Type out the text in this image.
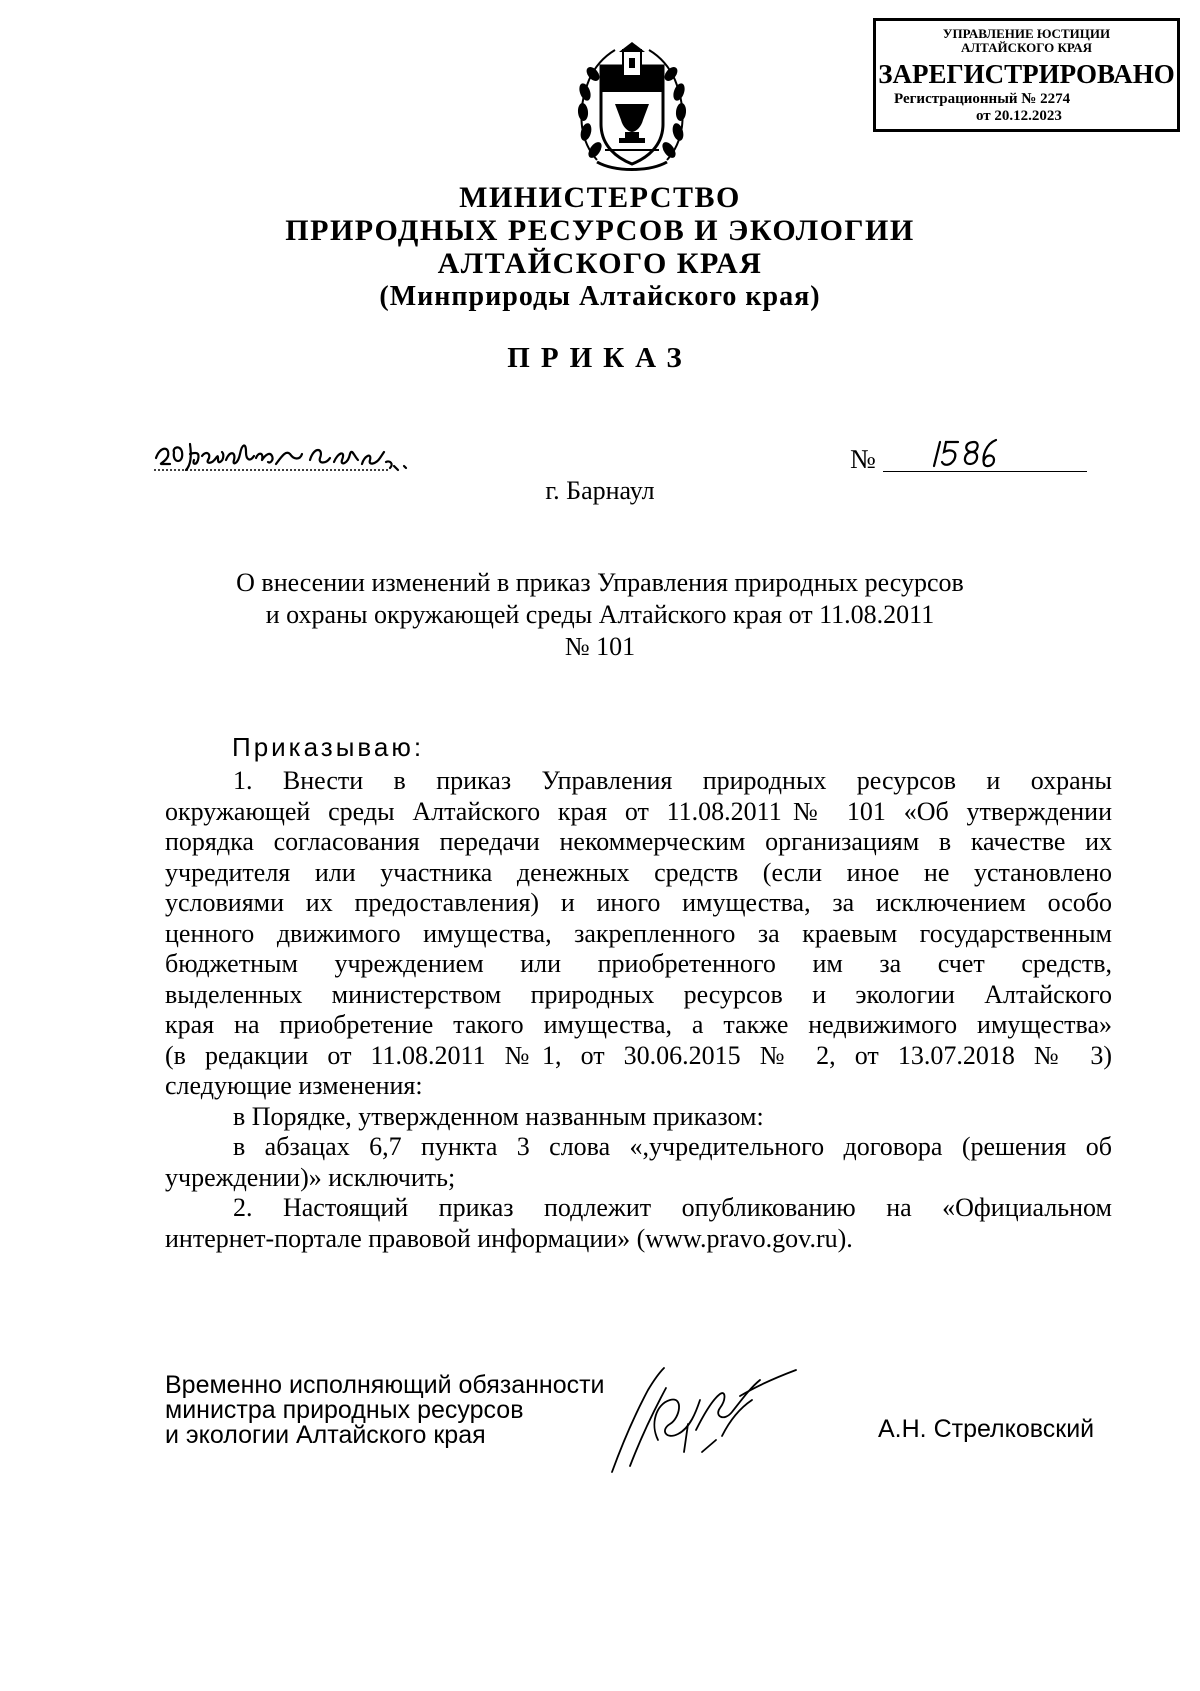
УПРАВЛЕНИЕ ЮСТИЦИИ
АЛТАЙСКОГО КРАЯ
ЗАРЕГИСТРИРОВАНО
Регистрационный № 2274
от 20.12.2023
МИНИСТЕРСТВО
ПРИРОДНЫХ РЕСУРСОВ И ЭКОЛОГИИ
АЛТАЙСКОГО КРАЯ
(Минприроды Алтайского края)
ПРИКАЗ
20 декабря 2023 г.
№
1586
г. Барнаул
О внесении изменений в приказ Управления природных ресурсов
и охраны окружающей среды Алтайского края от 11.08.2011
№ 101
Приказываю:
1. Внести в приказ Управления природных ресурсов и охраны
окружающей среды Алтайского края от 11.08.2011№ 101 «Об утверждении
порядка согласования передачи некоммерческим организациям в качестве их
учредителя или участника денежных средств (если иное не установлено
условиями их предоставления) и иного имущества, за исключением особо
ценного движимого имущества, закрепленного за краевым государственным
бюджетным учреждением или приобретенного им за счет средств,
выделенных министерством природных ресурсов и экологии Алтайского
края на приобретение такого имущества, а также недвижимого имущества»
(в редакции от 11.08.2011 №1, от 30.06.2015 № 2, от 13.07.2018 № 3)
следующие изменения:
в Порядке, утвержденном названным приказом:
в абзацах 6,7 пункта 3 слова «,учредительного договора (решения об
учреждении)» исключить;
2. Настоящий приказ подлежит опубликованию на «Официальном
интернет-портале правовой информации» (www.pravo.gov.ru).
Временно исполняющий обязанности
министра природных ресурсов
и экологии Алтайского края	А.Н. Стрелковский
